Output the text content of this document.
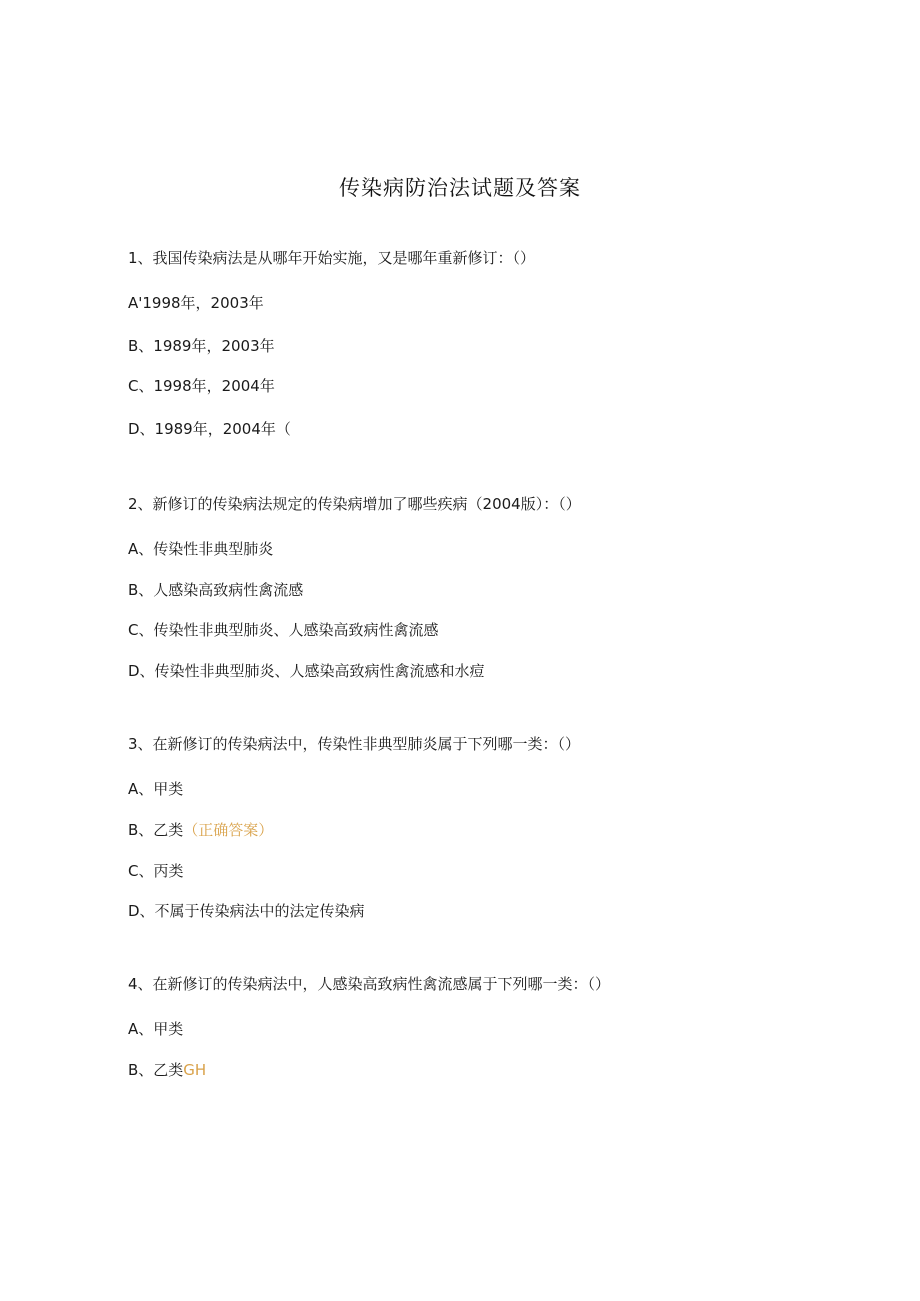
传染病防治法试题及答案
1、我国传染病法是从哪年开始实施，又是哪年重新修订：（）
A'1998年，2003年
B、1989年，2003年
C、1998年，2004年
D、1989年，2004年（
2、新修订的传染病法规定的传染病增加了哪些疾病（2004版）：（）
A、传染性非典型肺炎
B、人感染高致病性禽流感
C、传染性非典型肺炎、人感染高致病性禽流感
D、传染性非典型肺炎、人感染高致病性禽流感和水痘
3、在新修订的传染病法中，传染性非典型肺炎属于下列哪一类：（）
A、甲类
B、乙类（正确答案）
C、丙类
D、不属于传染病法中的法定传染病
4、在新修订的传染病法中，人感染高致病性禽流感属于下列哪一类：（）
A、甲类
B、乙类GH
